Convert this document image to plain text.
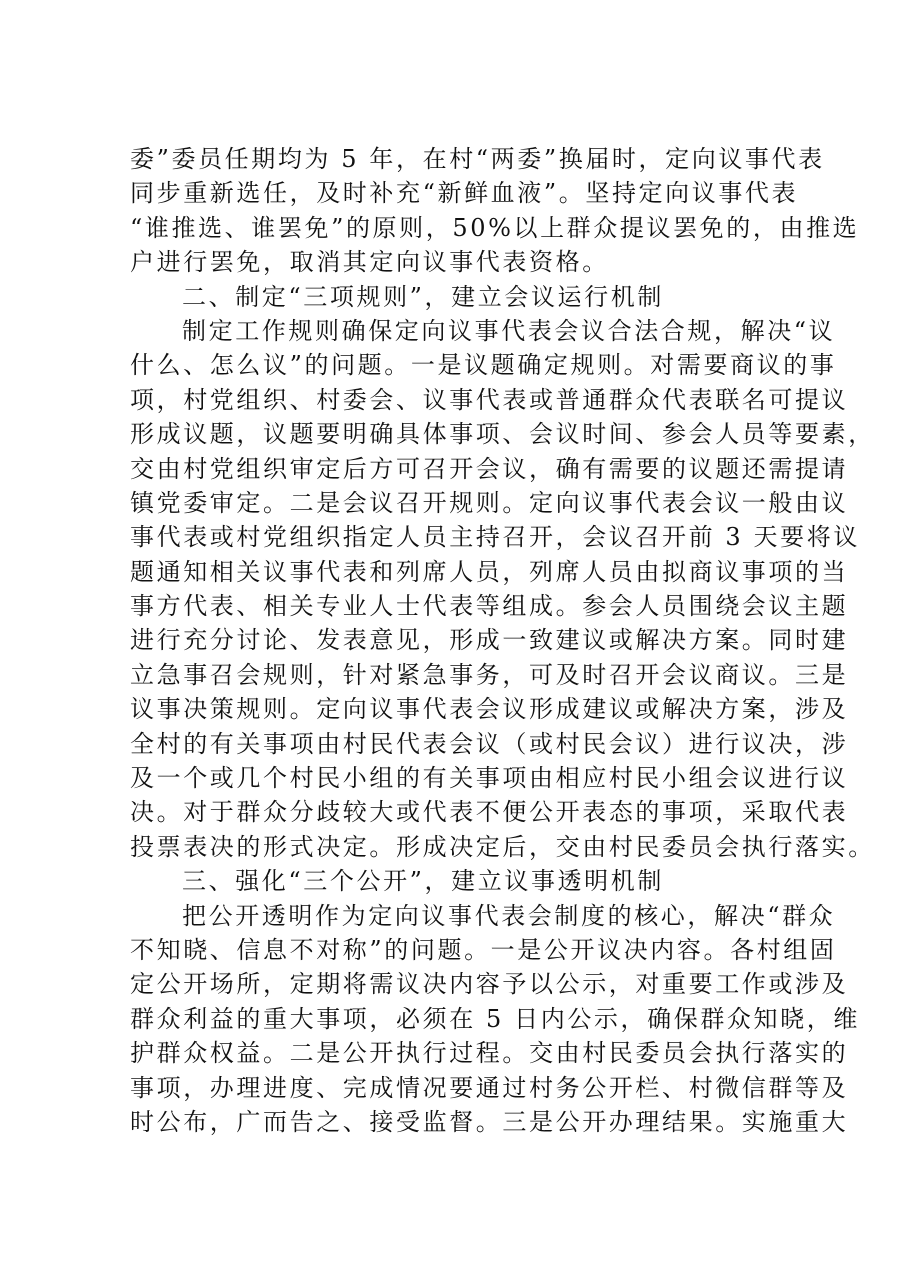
委”委员任期均为 5 年，在村“两委”换届时，定向议事代表
同步重新选任，及时补充“新鲜血液”。坚持定向议事代表
“谁推选、谁罢免”的原则，50%以上群众提议罢免的，由推选
户进行罢免，取消其定向议事代表资格。
二、制定“三项规则”，建立会议运行机制
制定工作规则确保定向议事代表会议合法合规，解决“议
什么、怎么议”的问题。一是议题确定规则。对需要商议的事
项，村党组织、村委会、议事代表或普通群众代表联名可提议
形成议题，议题要明确具体事项、会议时间、参会人员等要素，
交由村党组织审定后方可召开会议，确有需要的议题还需提请
镇党委审定。二是会议召开规则。定向议事代表会议一般由议
事代表或村党组织指定人员主持召开，会议召开前 3 天要将议
题通知相关议事代表和列席人员，列席人员由拟商议事项的当
事方代表、相关专业人士代表等组成。参会人员围绕会议主题
进行充分讨论、发表意见，形成一致建议或解决方案。同时建
立急事召会规则，针对紧急事务，可及时召开会议商议。三是
议事决策规则。定向议事代表会议形成建议或解决方案，涉及
全村的有关事项由村民代表会议（或村民会议）进行议决，涉
及一个或几个村民小组的有关事项由相应村民小组会议进行议
决。对于群众分歧较大或代表不便公开表态的事项，采取代表
投票表决的形式决定。形成决定后，交由村民委员会执行落实。
三、强化“三个公开”，建立议事透明机制
把公开透明作为定向议事代表会制度的核心，解决“群众
不知晓、信息不对称”的问题。一是公开议决内容。各村组固
定公开场所，定期将需议决内容予以公示，对重要工作或涉及
群众利益的重大事项，必须在 5 日内公示，确保群众知晓，维
护群众权益。二是公开执行过程。交由村民委员会执行落实的
事项，办理进度、完成情况要通过村务公开栏、村微信群等及
时公布，广而告之、接受监督。三是公开办理结果。实施重大
